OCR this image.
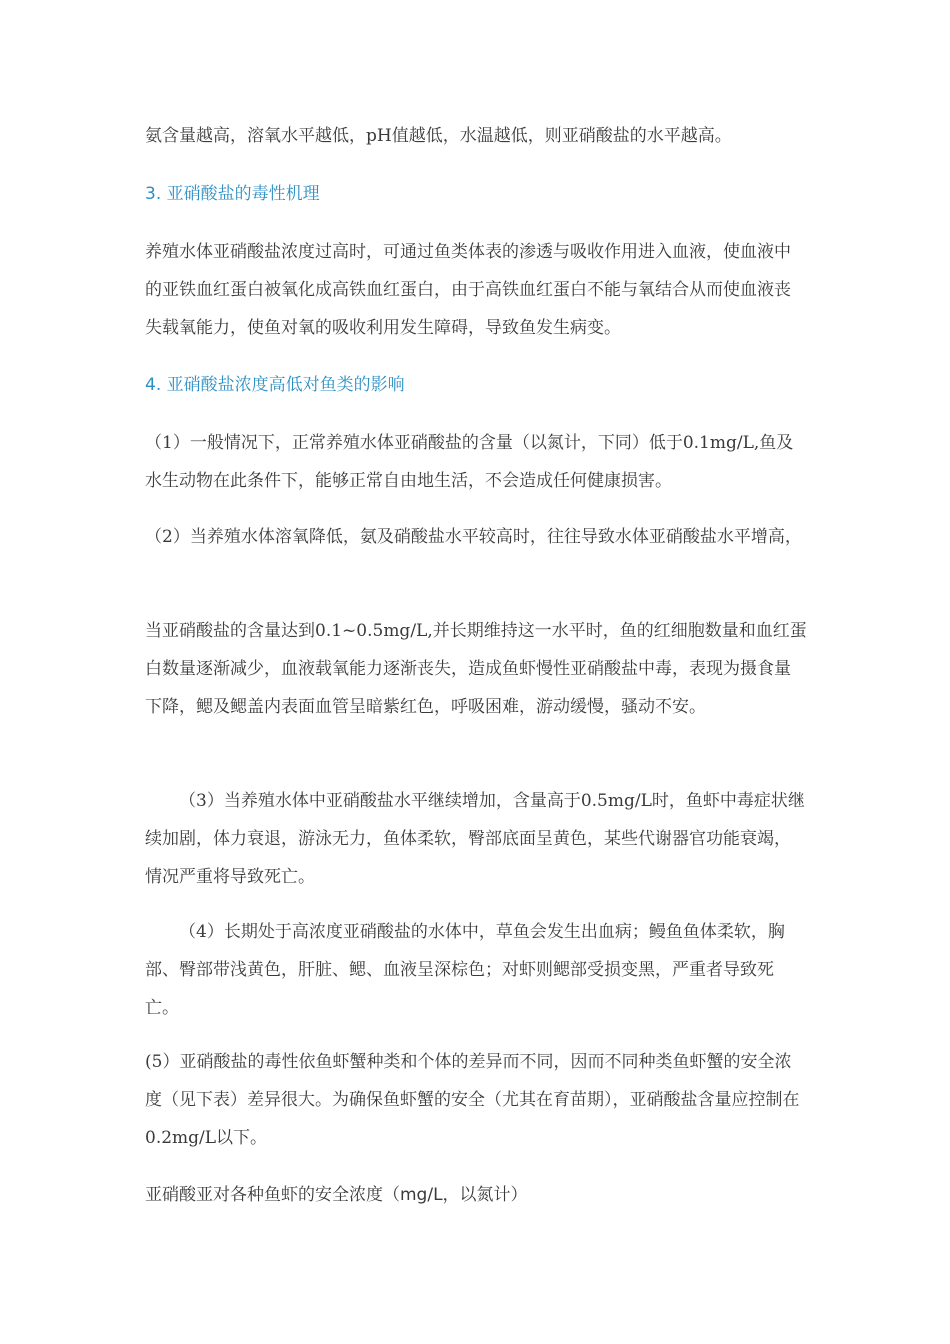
氨含量越高，溶氧水平越低，pH值越低，水温越低，则亚硝酸盐的水平越高。

3. 亚硝酸盐的毒性机理

养殖水体亚硝酸盐浓度过高时，可通过鱼类体表的渗透与吸收作用进入血液，使血液中的亚铁血红蛋白被氧化成高铁血红蛋白，由于高铁血红蛋白不能与氧结合从而使血液丧失载氧能力，使鱼对氧的吸收利用发生障碍，导致鱼发生病变。

4. 亚硝酸盐浓度高低对鱼类的影响

（1）一般情况下，正常养殖水体亚硝酸盐的含量（以氮计，下同）低于0.1mg/L,鱼及水生动物在此条件下，能够正常自由地生活，不会造成任何健康损害。

（2）当养殖水体溶氧降低，氨及硝酸盐水平较高时，往往导致水体亚硝酸盐水平增高，

当亚硝酸盐的含量达到0.1~0.5mg/L,并长期维持这一水平时，鱼的红细胞数量和血红蛋白数量逐渐减少，血液载氧能力逐渐丧失，造成鱼虾慢性亚硝酸盐中毒，表现为摄食量下降，鳃及鳃盖内表面血管呈暗紫红色，呼吸困难，游动缓慢，骚动不安。

（3）当养殖水体中亚硝酸盐水平继续增加，含量高于0.5mg/L时，鱼虾中毒症状继续加剧，体力衰退，游泳无力，鱼体柔软，臀部底面呈黄色，某些代谢器官功能衰竭，情况严重将导致死亡。

（4）长期处于高浓度亚硝酸盐的水体中，草鱼会发生出血病；鳗鱼鱼体柔软，胸部、臀部带浅黄色，肝脏、鳃、血液呈深棕色；对虾则鳃部受损变黑，严重者导致死亡。

(5）亚硝酸盐的毒性依鱼虾蟹种类和个体的差异而不同，因而不同种类鱼虾蟹的安全浓度（见下表）差异很大。为确保鱼虾蟹的安全（尤其在育苗期），亚硝酸盐含量应控制在0.2mg/L以下。

亚硝酸亚对各种鱼虾的安全浓度（mg/L，以氮计）
